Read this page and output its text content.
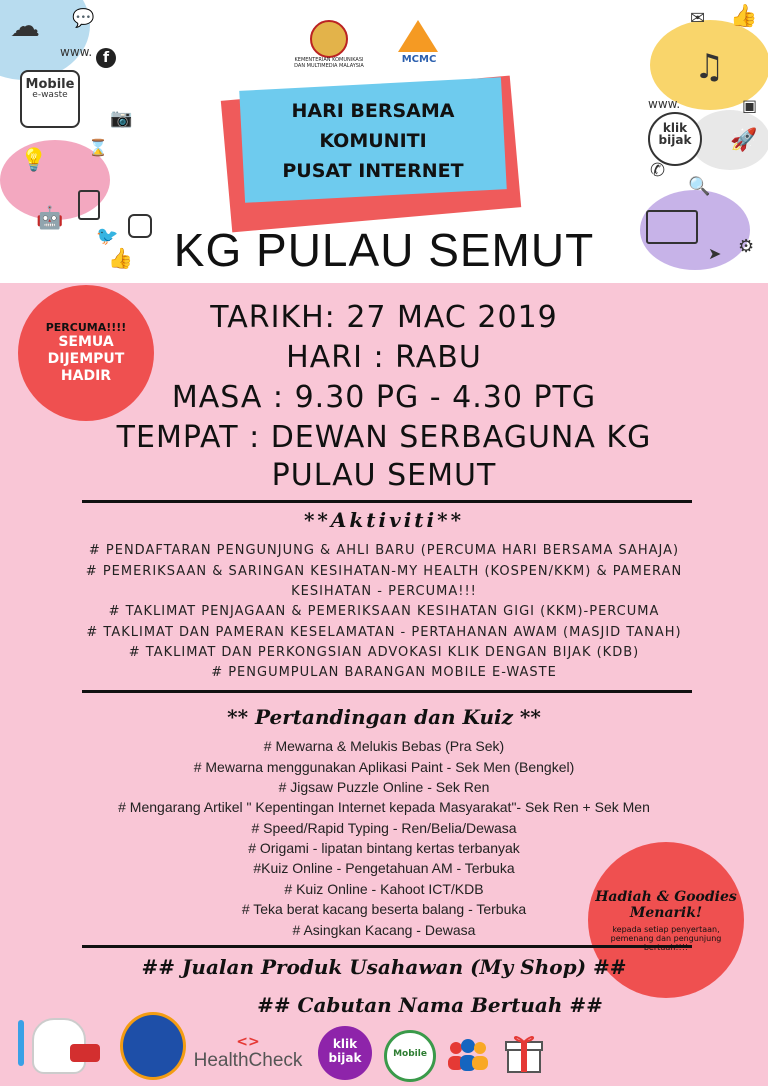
☁ 💬
www. f
Mobile
e-waste
📷
⌛
💡
🤖
🐦
👍
✉ 👍
♫
www.	▣
klik
bijak	🚀
✆
🔍
⚙
➤
KEMENTERIAN KOMUNIKASI DAN MULTIMEDIA MALAYSIA
MCMC
HARI BERSAMA
KOMUNITI
PUSAT INTERNET
KG PULAU SEMUT
PERCUMA!!!!
SEMUA
DIJEMPUT
HADIR
TARIKH: 27 MAC 2019
HARI : RABU
MASA : 9.30 PG - 4.30 PTG
TEMPAT : DEWAN SERBAGUNA KG
PULAU SEMUT
**Aktiviti**
# PENDAFTARAN PENGUNJUNG & AHLI BARU (PERCUMA HARI BERSAMA SAHAJA)
# PEMERIKSAAN & SARINGAN KESIHATAN-MY HEALTH (KOSPEN/KKM) & PAMERAN
KESIHATAN - PERCUMA!!!
# TAKLIMAT PENJAGAAN & PEMERIKSAAN KESIHATAN GIGI (KKM)-PERCUMA
# TAKLIMAT DAN PAMERAN KESELAMATAN - PERTAHANAN AWAM (MASJID TANAH)
# TAKLIMAT DAN PERKONGSIAN ADVOKASI KLIK DENGAN BIJAK (KDB)
# PENGUMPULAN BARANGAN MOBILE E-WASTE
** Pertandingan dan Kuiz **
# Mewarna & Melukis Bebas (Pra Sek)
# Mewarna menggunakan Aplikasi Paint - Sek Men (Bengkel)
# Jigsaw Puzzle Online - Sek Ren
# Mengarang Artikel " Kepentingan Internet kepada Masyarakat"- Sek Ren + Sek Men
# Speed/Rapid Typing - Ren/Belia/Dewasa
# Origami - lipatan bintang kertas terbanyak
#Kuiz Online - Pengetahuan AM - Terbuka
# Kuiz Online - Kahoot ICT/KDB
# Teka berat kacang beserta balang - Terbuka
# Asingkan Kacang - Dewasa
Hadiah & Goodies
Menarik!
kepada setiap penyertaan,
pemenang dan pengunjung
## Jualan Produk Usahawan (My Shop) ##
## Cabutan Nama Bertuah ##
<>
HealthCheck
klik
bijak	Mobile
